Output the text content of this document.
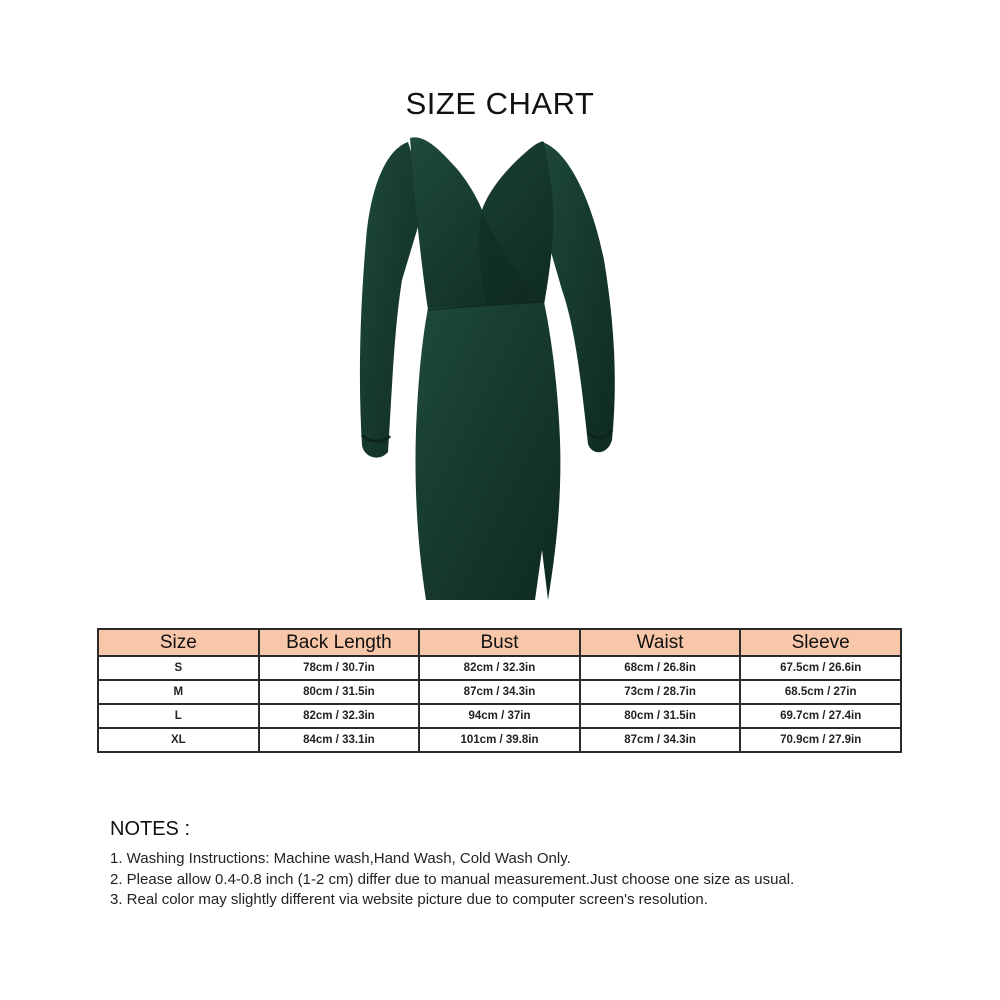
SIZE CHART
Size	Back Length	Bust	Waist	Sleeve
S	78cm / 30.7in	82cm / 32.3in	68cm / 26.8in	67.5cm / 26.6in
M	80cm / 31.5in	87cm / 34.3in	73cm / 28.7in	68.5cm / 27in
L	82cm / 32.3in	94cm / 37in	80cm / 31.5in	69.7cm / 27.4in
XL	84cm / 33.1in	101cm / 39.8in	87cm / 34.3in	70.9cm / 27.9in
NOTES :
1. Washing Instructions: Machine wash,Hand Wash, Cold Wash Only.
2. Please allow 0.4-0.8 inch (1-2 cm) differ due to manual measurement.Just choose one size as usual.
3. Real color may slightly different via website picture due to computer screen's resolution.
